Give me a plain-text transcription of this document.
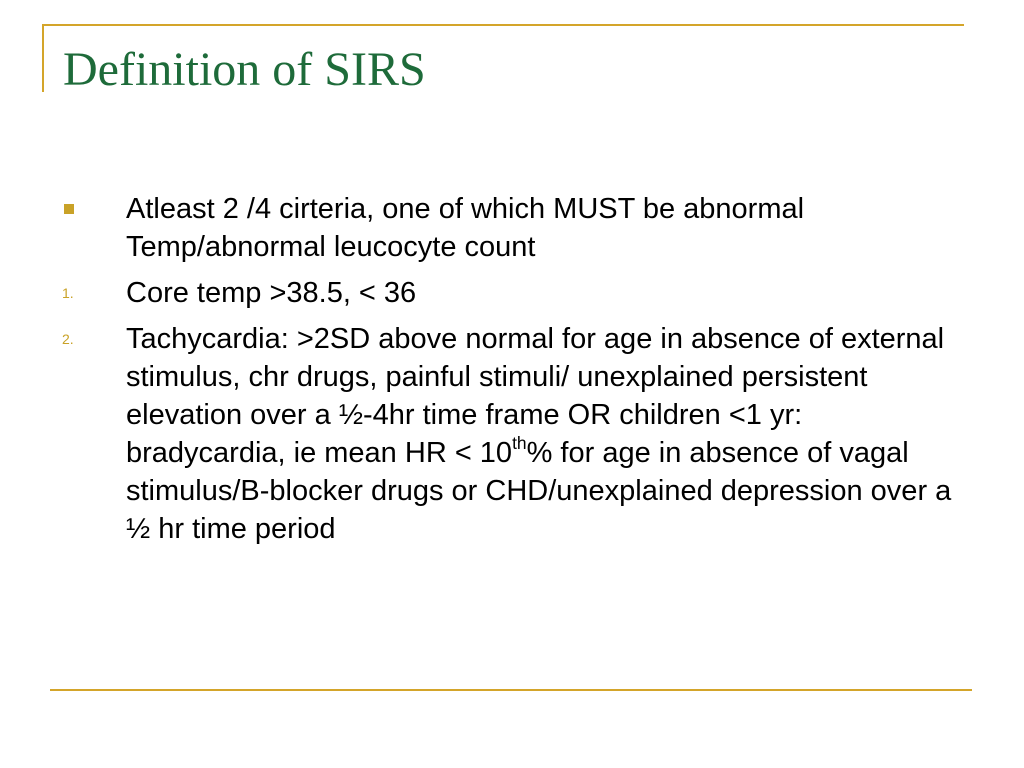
Definition of SIRS
Atleast 2 /4 cirteria, one of which MUST be abnormal Temp/abnormal leucocyte count
1. Core temp >38.5, < 36
2. Tachycardia: >2SD above normal for age in absence of external stimulus, chr drugs, painful stimuli/ unexplained persistent elevation over a ½-4hr time frame OR children <1 yr: bradycardia, ie mean HR < 10th% for age in absence of vagal stimulus/B-blocker drugs or CHD/unexplained depression over a ½ hr time period
